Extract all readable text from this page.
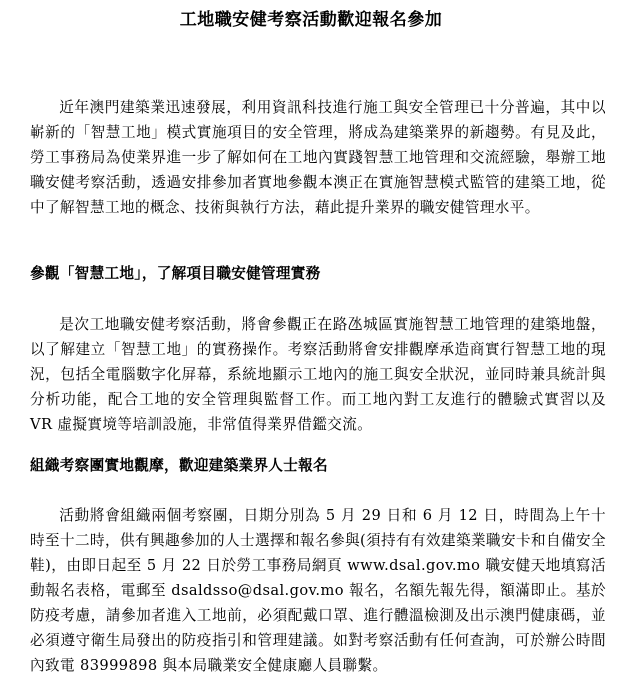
工地職安健考察活動歡迎報名參加

近年澳門建築業迅速發展，利用資訊科技進行施工與安全管理已十分普遍，其中以嶄新的「智慧工地」模式實施項目的安全管理，將成為建築業界的新趨勢。有見及此，勞工事務局為使業界進一步了解如何在工地內實踐智慧工地管理和交流經驗，舉辦工地職安健考察活動，透過安排參加者實地參觀本澳正在實施智慧模式監管的建築工地，從中了解智慧工地的概念、技術與執行方法，藉此提升業界的職安健管理水平。

參觀「智慧工地」，了解項目職安健管理實務

是次工地職安健考察活動，將會參觀正在路氹城區實施智慧工地管理的建築地盤，以了解建立「智慧工地」的實務操作。考察活動將會安排觀摩承造商實行智慧工地的現況，包括全電腦數字化屏幕，系統地顯示工地內的施工與安全狀況，並同時兼具統計與分析功能，配合工地的安全管理與監督工作。而工地內對工友進行的體驗式實習以及 VR 虛擬實境等培訓設施，非常值得業界借鑑交流。

組織考察團實地觀摩，歡迎建築業界人士報名

活動將會組織兩個考察團，日期分別為 5 月 29 日和 6 月 12 日，時間為上午十時至十二時，供有興趣參加的人士選擇和報名參與(須持有有效建築業職安卡和自備安全鞋)，由即日起至 5 月 22 日於勞工事務局網頁 www.dsal.gov.mo 職安健天地填寫活動報名表格，電郵至 dsaldsso@dsal.gov.mo 報名，名額先報先得，額滿即止。基於防疫考慮，請參加者進入工地前，必須配戴口罩、進行體溫檢測及出示澳門健康碼，並必須遵守衛生局發出的防疫指引和管理建議。如對考察活動有任何查詢，可於辦公時間內致電 83999898 與本局職業安全健康廳人員聯繫。
